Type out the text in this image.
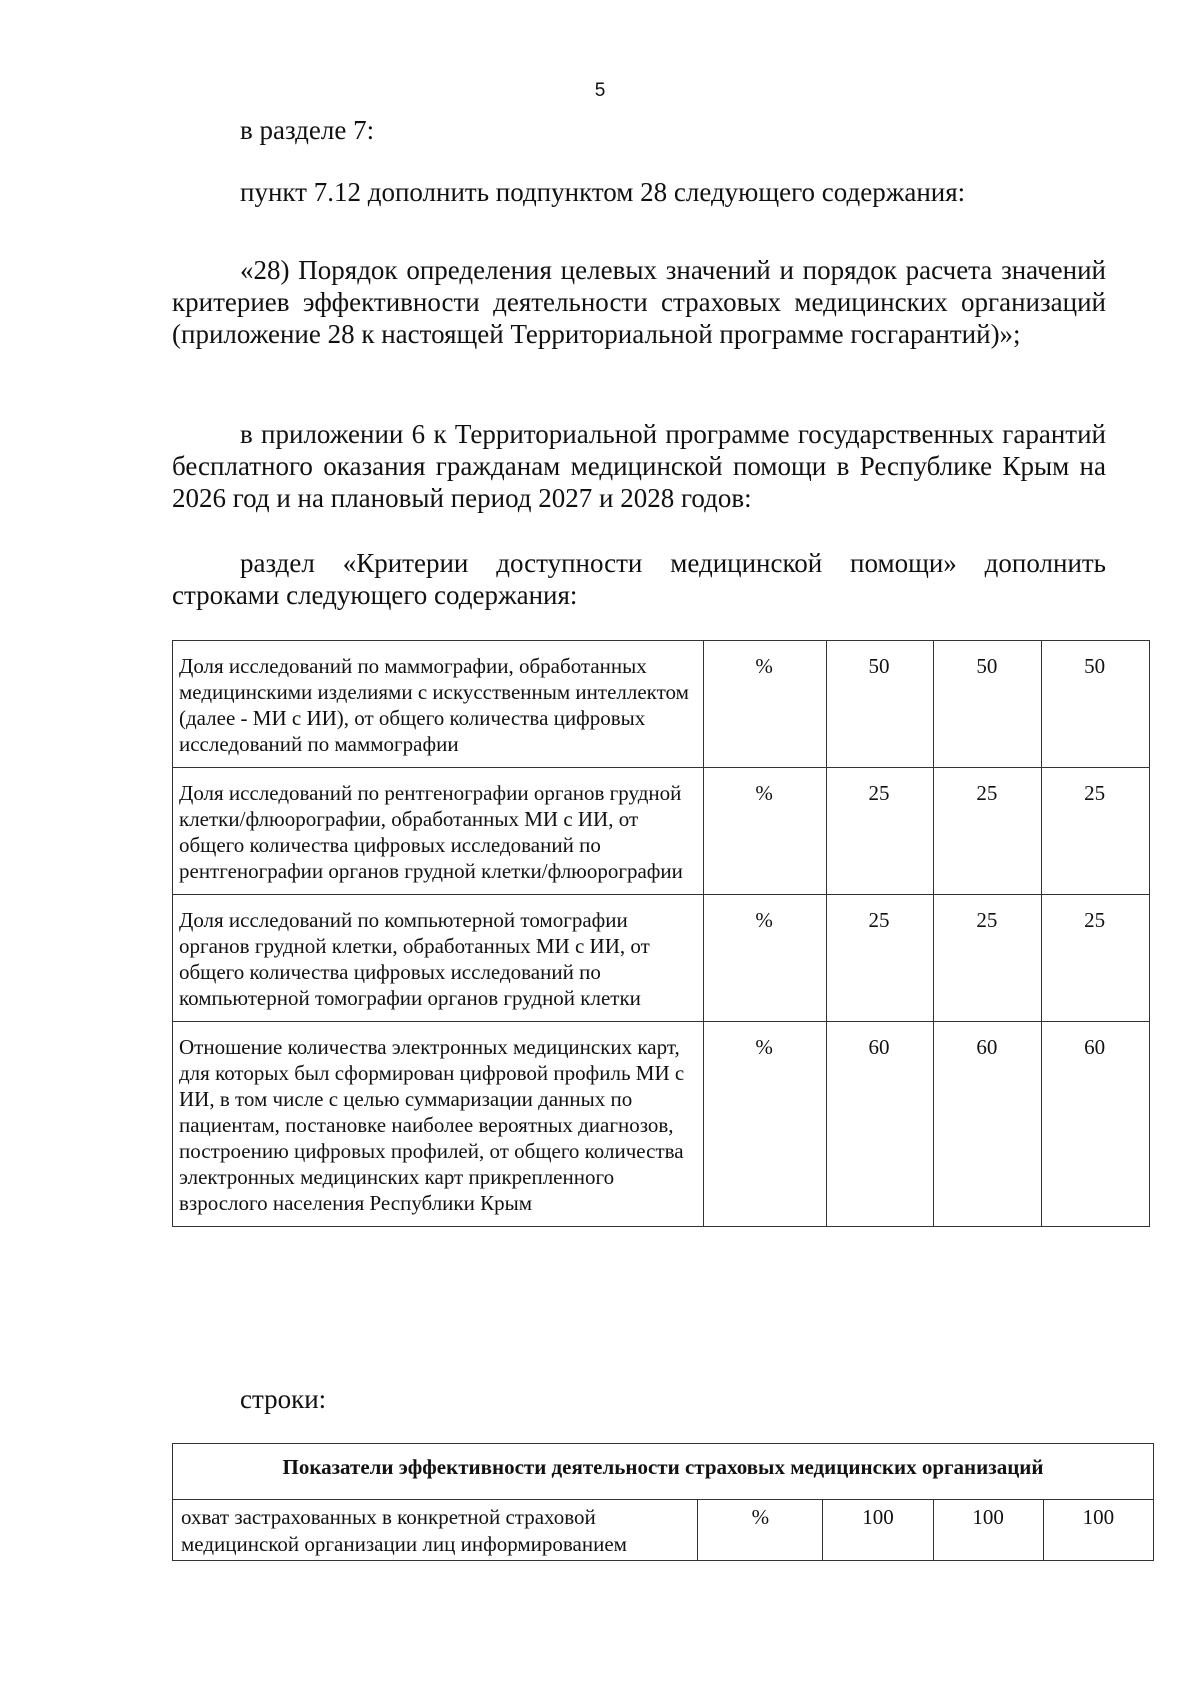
5

в разделе 7:

пункт 7.12 дополнить подпунктом 28 следующего содержания:

«28) Порядок определения целевых значений и порядок расчета значений критериев эффективности деятельности страховых медицинских организаций (приложение 28 к настоящей Территориальной программе госгарантий)»;

в приложении 6 к Территориальной программе государственных гарантий бесплатного оказания гражданам медицинской помощи в Республике Крым на 2026 год и на плановый период 2027 и 2028 годов:

раздел «Критерии доступности медицинской помощи» дополнить строками следующего содержания:

Доля исследований по маммографии, обработанных медицинскими изделиями с искусственным интеллектом (далее - МИ с ИИ), от общего количества цифровых исследований по маммографии	%	50	50	50
Доля исследований по рентгенографии органов грудной клетки/флюорографии, обработанных МИ с ИИ, от общего количества цифровых исследований по рентгенографии органов грудной клетки/флюорографии	%	25	25	25
Доля исследований по компьютерной томографии органов грудной клетки, обработанных МИ с ИИ, от общего количества цифровых исследований по компьютерной томографии органов грудной клетки	%	25	25	25
Отношение количества электронных медицинских карт, для которых был сформирован цифровой профиль МИ с ИИ, в том числе с целью суммаризации данных по пациентам, постановке наиболее вероятных диагнозов, построению цифровых профилей, от общего количества электронных медицинских карт прикрепленного взрослого населения Республики Крым	%	60	60	60

строки:

Показатели эффективности деятельности страховых медицинских организаций
охват застрахованных в конкретной страховой медицинской организации лиц информированием	%	100	100	100
